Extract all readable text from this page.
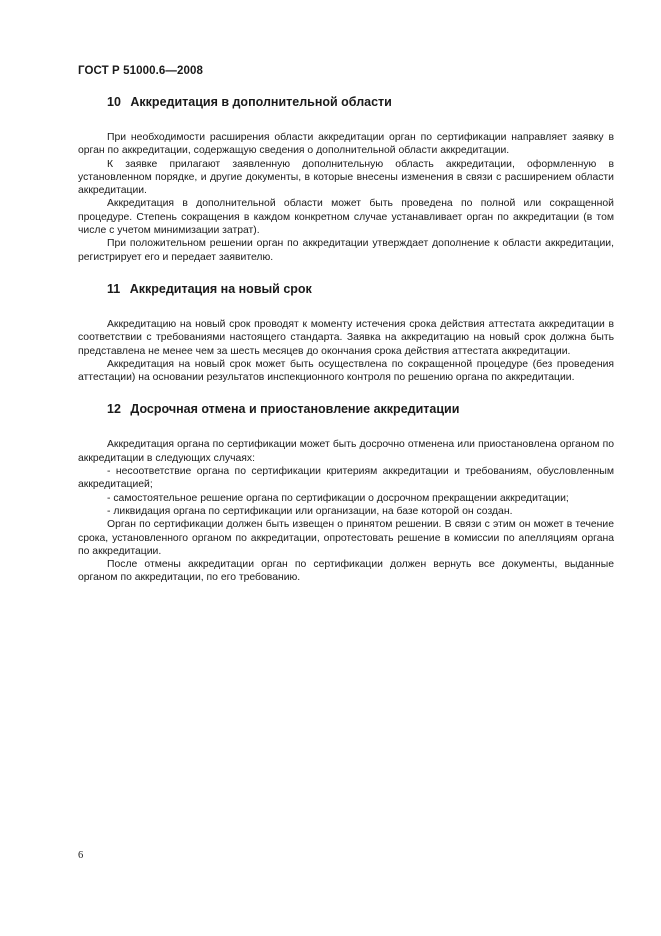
ГОСТ Р 51000.6—2008
10 Аккредитация в дополнительной области

При необходимости расширения области аккредитации орган по сертификации направляет заявку в орган по аккредитации, содержащую сведения о дополнительной области аккредитации.

К заявке прилагают заявленную дополнительную область аккредитации, оформленную в установленном порядке, и другие документы, в которые внесены изменения в связи с расширением области аккредитации.

Аккредитация в дополнительной области может быть проведена по полной или сокращенной процедуре. Степень сокращения в каждом конкретном случае устанавливает орган по аккредитации (в том числе с учетом минимизации затрат).

При положительном решении орган по аккредитации утверждает дополнение к области аккредитации, регистрирует его и передает заявителю.

11 Аккредитация на новый срок

Аккредитацию на новый срок проводят к моменту истечения срока действия аттестата аккредитации в соответствии с требованиями настоящего стандарта. Заявка на аккредитацию на новый срок должна быть представлена не менее чем за шесть месяцев до окончания срока действия аттестата аккредитации.

Аккредитация на новый срок может быть осуществлена по сокращенной процедуре (без проведения аттестации) на основании результатов инспекционного контроля по решению органа по аккредитации.

12 Досрочная отмена и приостановление аккредитации

Аккредитация органа по сертификации может быть досрочно отменена или приостановлена органом по аккредитации в следующих случаях:

- несоответствие органа по сертификации критериям аккредитации и требованиям, обусловленным аккредитацией;

- самостоятельное решение органа по сертификации о досрочном прекращении аккредитации;

- ликвидация органа по сертификации или организации, на базе которой он создан.

Орган по сертификации должен быть извещен о принятом решении. В связи с этим он может в течение срока, установленного органом по аккредитации, опротестовать решение в комиссии по апелляциям органа по аккредитации.

После отмены аккредитации орган по сертификации должен вернуть все документы, выданные органом по аккредитации, по его требованию.

6
